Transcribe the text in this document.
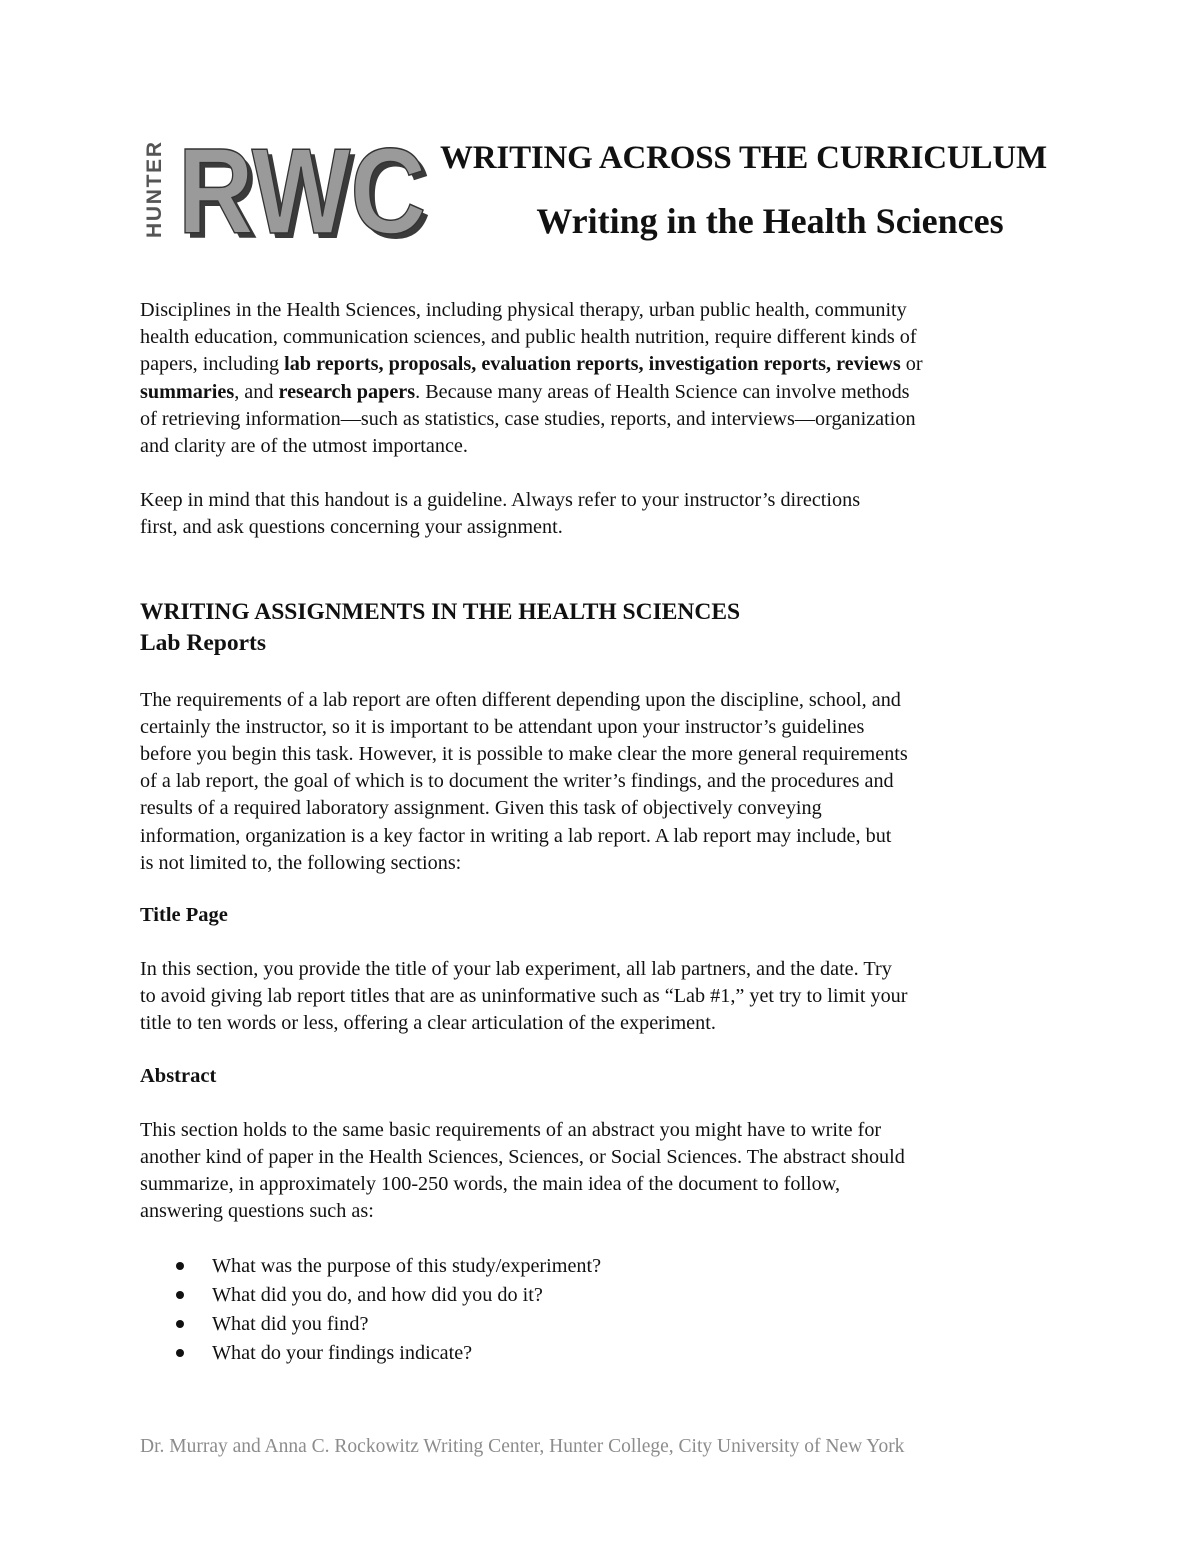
HUNTER RWC
RWC WRITING ACROSS THE CURRICULUM
Writing in the Health Sciences

Disciplines in the Health Sciences, including physical therapy, urban public health, community
health education, communication sciences, and public health nutrition, require different kinds of
papers, including lab reports, proposals, evaluation reports, investigation reports, reviews or
summaries, and research papers. Because many areas of Health Science can involve methods
of retrieving information—such as statistics, case studies, reports, and interviews—organization
and clarity are of the utmost importance.

Keep in mind that this handout is a guideline. Always refer to your instructor’s directions
first, and ask questions concerning your assignment.

WRITING ASSIGNMENTS IN THE HEALTH SCIENCES
Lab Reports

The requirements of a lab report are often different depending upon the discipline, school, and
certainly the instructor, so it is important to be attendant upon your instructor’s guidelines
before you begin this task. However, it is possible to make clear the more general requirements
of a lab report, the goal of which is to document the writer’s findings, and the procedures and
results of a required laboratory assignment. Given this task of objectively conveying
information, organization is a key factor in writing a lab report. A lab report may include, but
is not limited to, the following sections:

Title Page

In this section, you provide the title of your lab experiment, all lab partners, and the date. Try
to avoid giving lab report titles that are as uninformative such as “Lab #1,” yet try to limit your
title to ten words or less, offering a clear articulation of the experiment.

Abstract

This section holds to the same basic requirements of an abstract you might have to write for
another kind of paper in the Health Sciences, Sciences, or Social Sciences. The abstract should
summarize, in approximately 100-250 words, the main idea of the document to follow,
answering questions such as:

What was the purpose of this study/experiment?
What did you do, and how did you do it?
What did you find?
What do your findings indicate?
Dr. Murray and Anna C. Rockowitz Writing Center, Hunter College, City University of New York
